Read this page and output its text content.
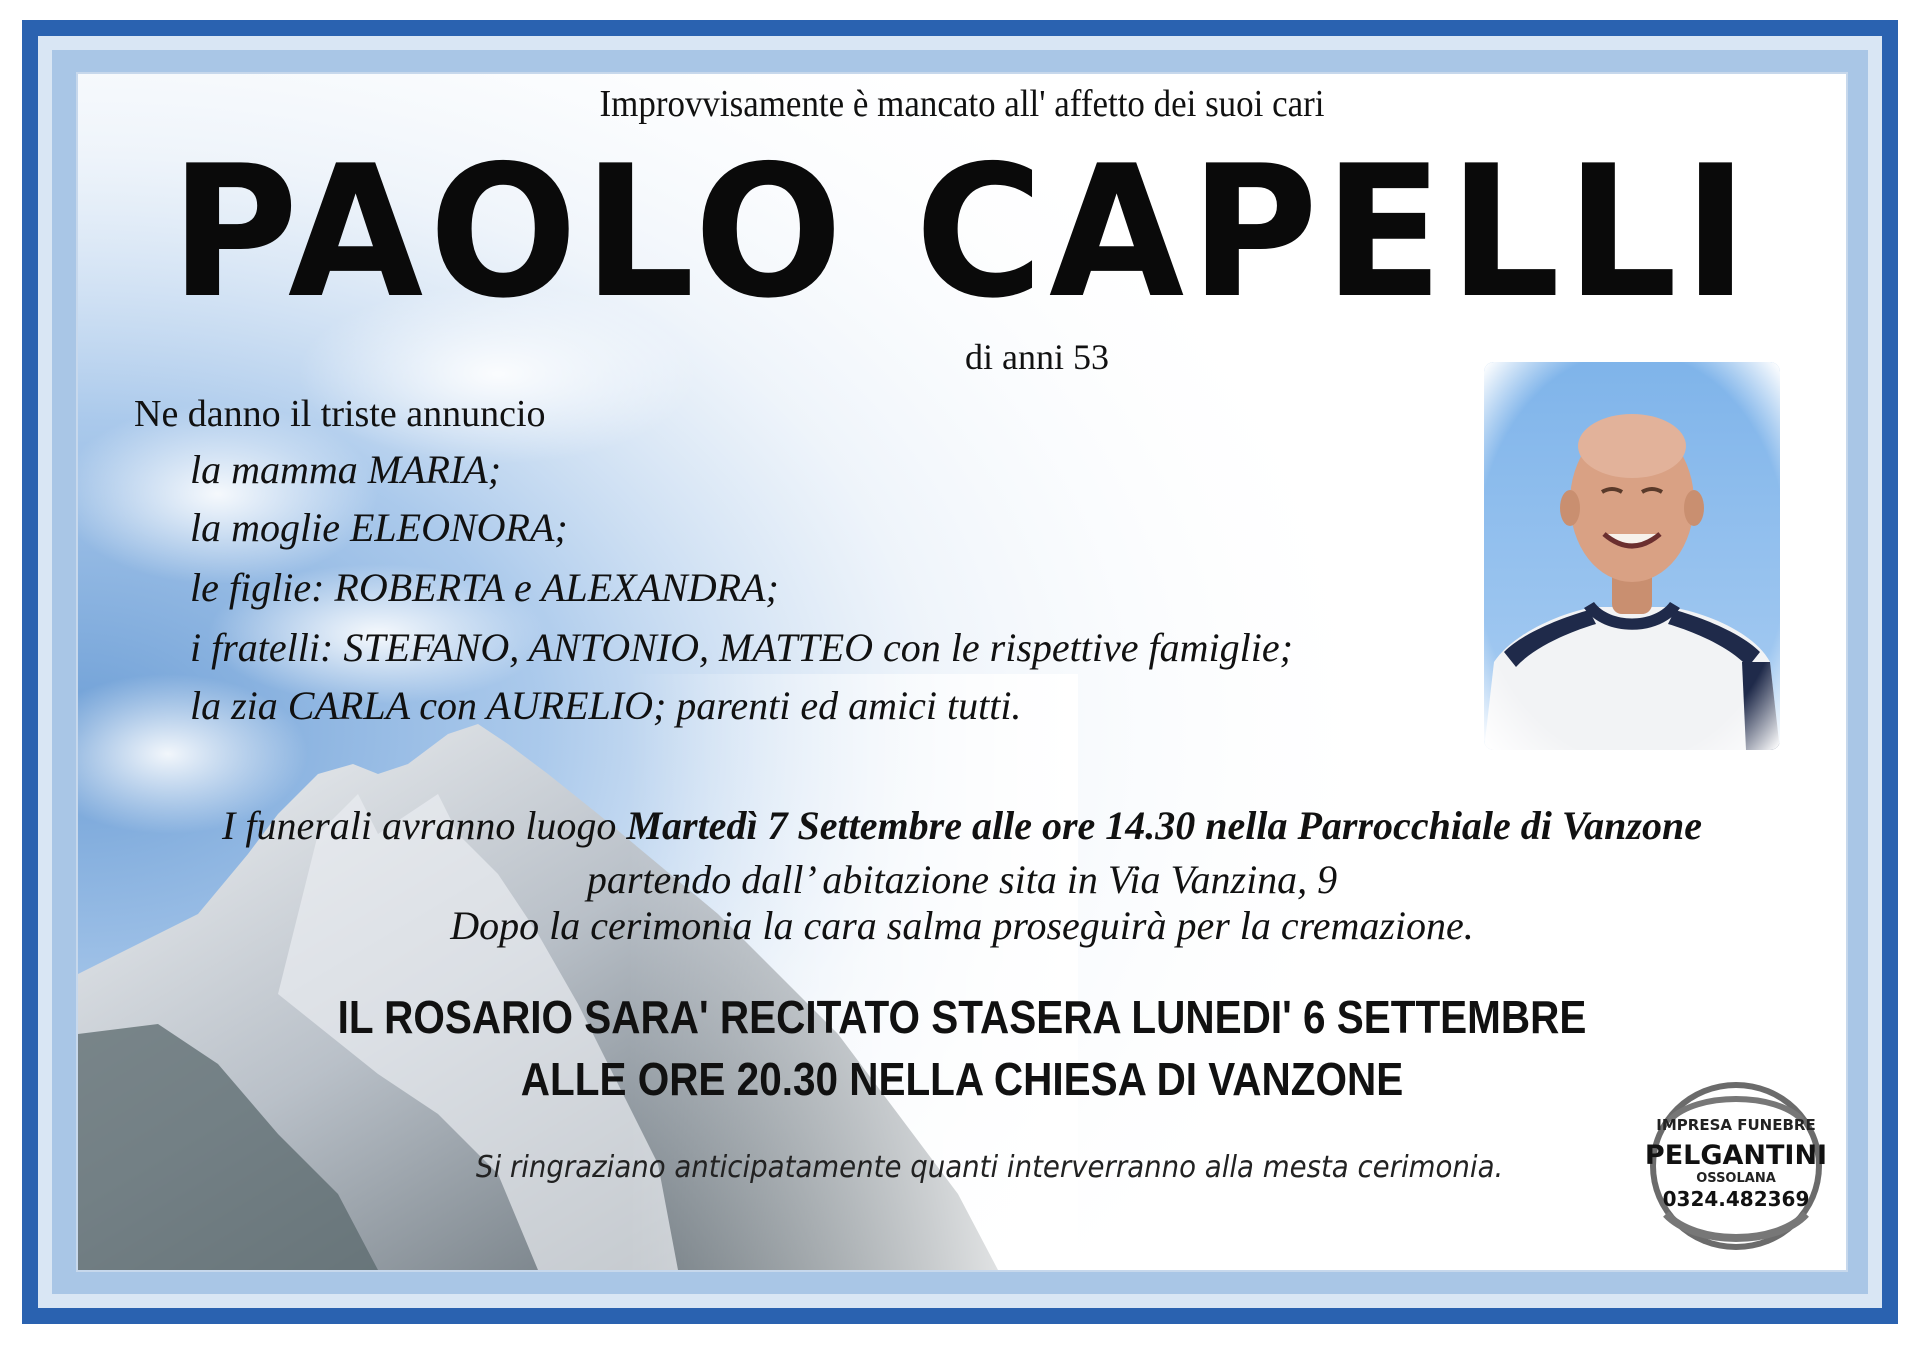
Improvvisamente è mancato all' affetto dei suoi cari
PAOLO CAPELLI
di anni 53
Ne danno il triste annuncio
la mamma MARIA;
la moglie ELEONORA;
le figlie: ROBERTA e ALEXANDRA;
i fratelli: STEFANO, ANTONIO, MATTEO con le rispettive famiglie;
la zia CARLA con AURELIO; parenti ed amici tutti.
I funerali avranno luogo Martedì 7 Settembre alle ore 14.30 nella Parrocchiale di Vanzone
partendo dall’ abitazione sita in Via Vanzina, 9
Dopo la cerimonia la cara salma proseguirà per la cremazione.
IL ROSARIO SARA' RECITATO STASERA LUNEDI' 6 SETTEMBRE
ALLE ORE 20.30 NELLA CHIESA DI VANZONE
Si ringraziano anticipatamente quanti interverranno alla mesta cerimonia.
IMPRESA FUNEBRE
PELGANTINI
OSSOLANA
0324.482369
